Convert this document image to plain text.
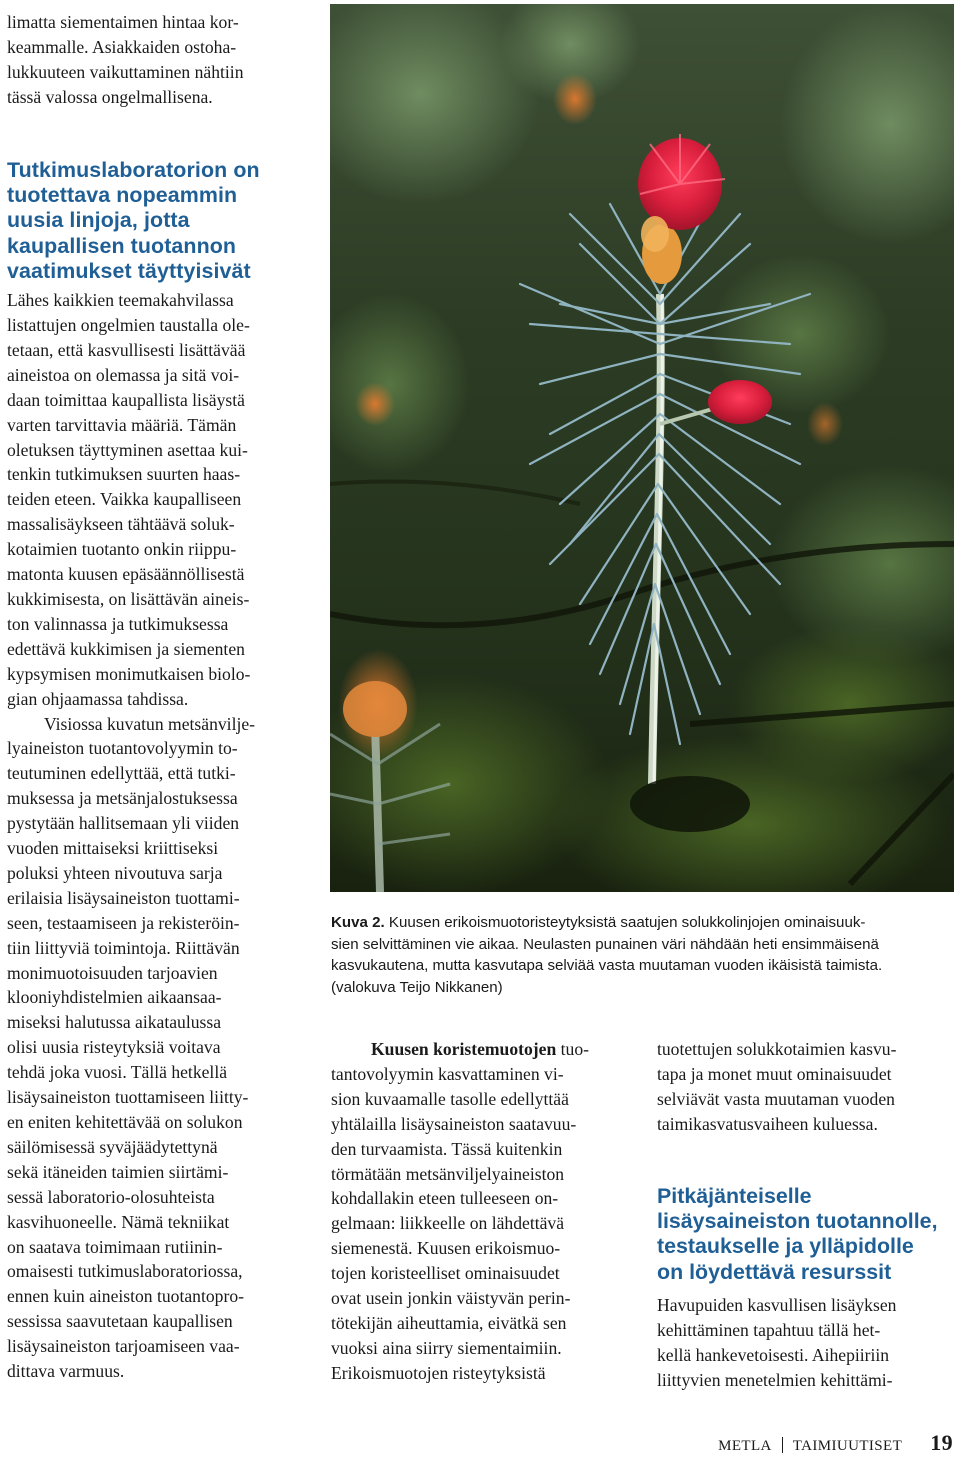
limatta siementaimen hintaa kor-

keammalle. Asiakkaiden ostoha-

lukkuuteen vaikuttaminen nähtiin

tässä valossa ongelmallisena.

Tutkimuslaboratorion on

tuotettava nopeammin

uusia linjoja, jotta

kaupallisen tuotannon

vaatimukset täyttyisivät

Lähes kaikkien teemakahvilassa

listattujen ongelmien taustalla ole-

tetaan, että kasvullisesti lisättävää

aineistoa on olemassa ja sitä voi-

daan toimittaa kaupallista lisäystä

varten tarvittavia määriä. Tämän

oletuksen täyttyminen asettaa kui-

tenkin tutkimuksen suurten haas-

teiden eteen. Vaikka kaupalliseen

massalisäykseen tähtäävä soluk-

kotaimien tuotanto onkin riippu-

matonta kuusen epäsäännöllisestä

kukkimisesta, on lisättävän aineis-

ton valinnassa ja tutkimuksessa

edettävä kukkimisen ja siementen

kypsymisen monimutkaisen biolo-

gian ohjaamassa tahdissa.

Visiossa kuvatun metsänvilje-

lyaineiston tuotantovolyymin to-

teutuminen edellyttää, että tutki-

muksessa ja metsänjalostuksessa

pystytään hallitsemaan yli viiden

vuoden mittaiseksi kriittiseksi

poluksi yhteen nivoutuva sarja

erilaisia lisäysaineiston tuottami-

seen, testaamiseen ja rekisteröin-

tiin liittyviä toimintoja. Riittävän

monimuotoisuuden tarjoavien

klooniyhdistelmien aikaansaa-

miseksi halutussa aikataulussa

olisi uusia risteytyksiä voitava

tehdä joka vuosi. Tällä hetkellä

lisäysaineiston tuottamiseen liitty-

en eniten kehitettävää on solukon

säilömisessä syväjäädytettynä

sekä itäneiden taimien siirtämi-

sessä laboratorio-olosuhteista

kasvihuoneelle. Nämä tekniikat

on saatava toimimaan rutiinin-

omaisesti tutkimuslaboratoriossa,

ennen kuin aineiston tuotantopro-

sessissa saavutetaan kaupallisen

lisäysaineiston tarjoamiseen vaa-

dittava varmuus.

Kuva 2. Kuusen erikoismuotoristeytyksistä saatujen solukkolinjojen ominaisuuk-
sien selvittäminen vie aikaa. Neulasten punainen väri nähdään heti ensimmäisenä
kasvukautena, mutta kasvutapa selviää vasta muutaman vuoden ikäisistä taimista.
(valokuva Teijo Nikkanen)

Kuusen koristemuotojen tuo-

tantovolyymin kasvattaminen vi-

sion kuvaamalle tasolle edellyttää

yhtälailla lisäysaineiston saatavuu-

den turvaamista. Tässä kuitenkin

törmätään metsänviljelyaineiston

kohdallakin eteen tulleeseen on-

gelmaan: liikkeelle on lähdettävä

siemenestä. Kuusen erikoismuo-

tojen koristeelliset ominaisuudet

ovat usein jonkin väistyvän perin-

tötekijän aiheuttamia, eivätkä sen

vuoksi aina siirry siementaimiin.

Erikoismuotojen risteytyksistä

tuotettujen solukkotaimien kasvu-

tapa ja monet muut ominaisuudet

selviävät vasta muutaman vuoden

taimikasvatusvaiheen kuluessa.

Pitkäjänteiselle
lisäysaineiston tuotannolle,
testaukselle ja ylläpidolle
on löydettävä resurssit

Havupuiden kasvullisen lisäyksen

kehittäminen tapahtuu tällä het-

kellä hankevetoisesti. Aihepiiriin

liittyvien menetelmien kehittämi-

METLA TAIMIUUTISET 19
